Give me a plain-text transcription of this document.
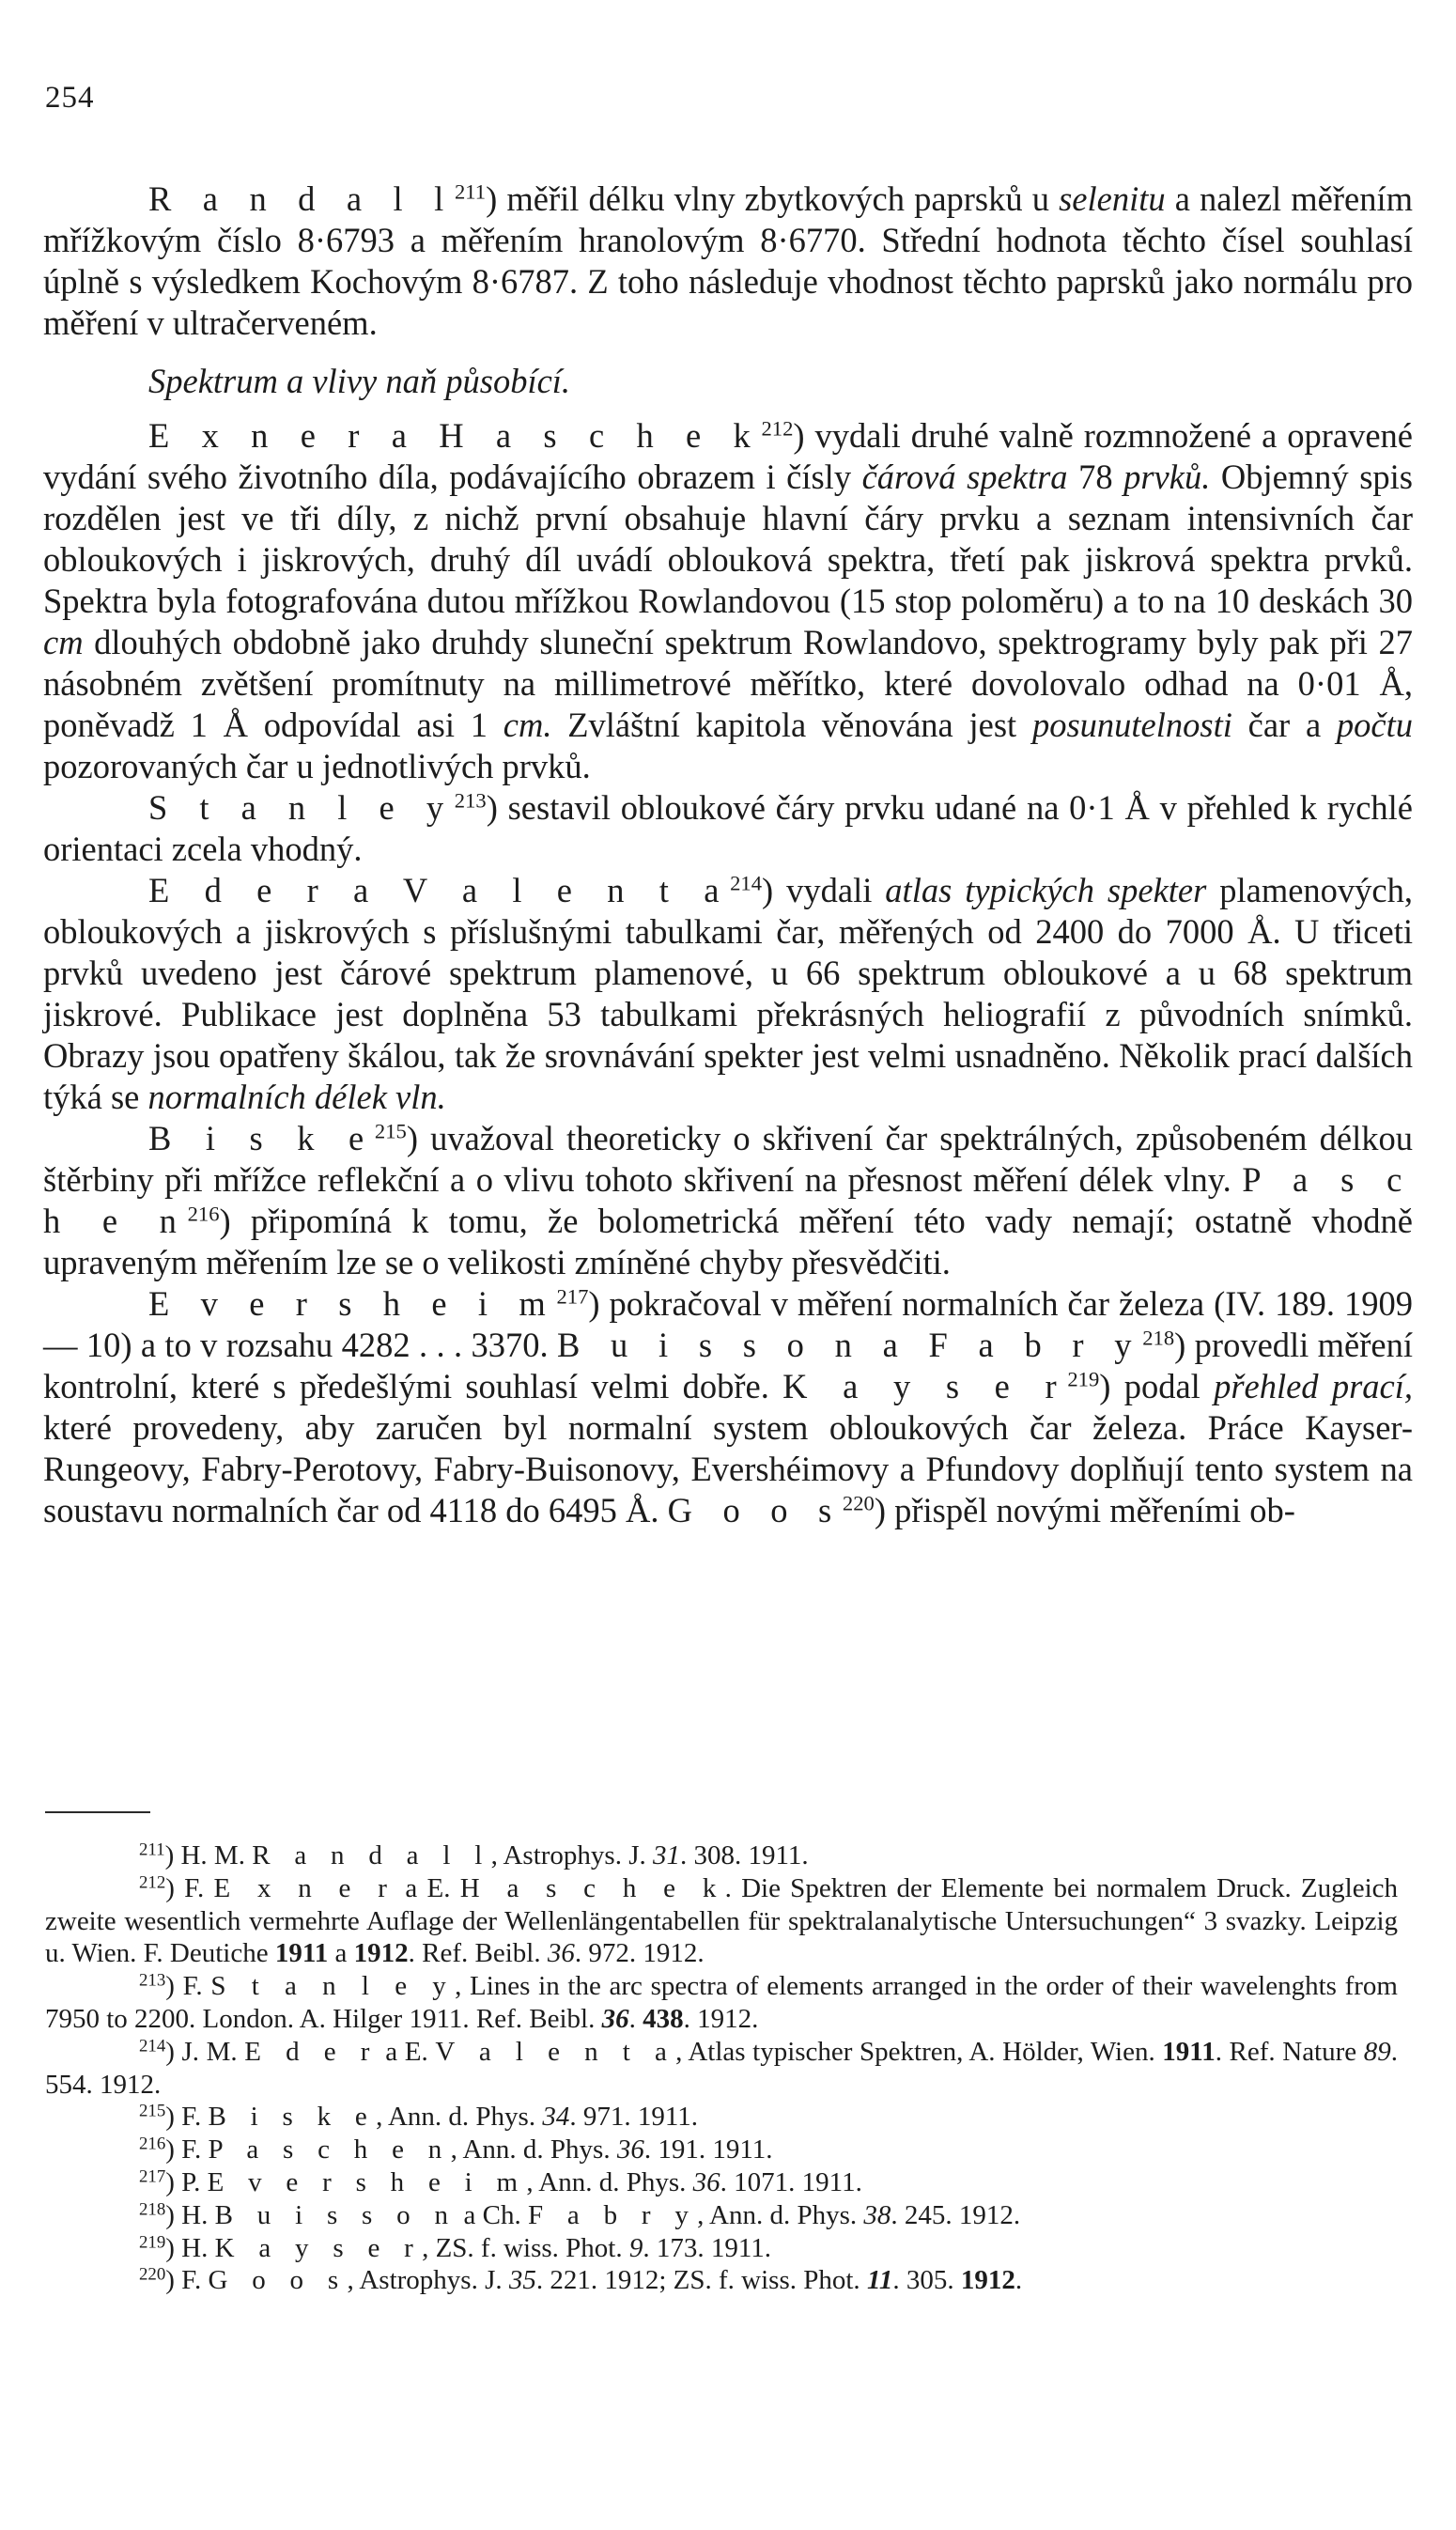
254

R a n d a l $l^{211}$) měřil délku vlny zbytkových paprsků u selenitu a nalezl měřením mřížkovým číslo 8·6793 a měřením hranolovým 8·6770. Střední hodnota těchto čísel souhlasí úplně s výsledkem Kochovým 8·6787. Z toho následuje vhodnost těchto paprsků jako normálu pro měření v ultračerveném.

Spektrum a vlivy naň působící.

E x n e r a H a s c h e $k^{212}$) vydali druhé valně rozmnožené a opravené vydání svého životního díla, podávajícího obrazem i čísly čárová spektra 78 prvků. Objemný spis rozdělen jest ve tři díly, z nichž první obsahuje hlavní čáry prvku a seznam intensivních čar obloukových i jiskrových, druhý díl uvádí oblouková spektra, třetí pak jiskrová spektra prvků. Spektra byla fotografována dutou mřížkou Rowlandovou (15 stop poloměru) a to na 10 deskách 30 cm dlouhých obdobně jako druhdy sluneční spektrum Rowlandovo, spektrogramy byly pak při 27 násobném zvětšení promítnuty na millimetrové měřítko, které dovolovalo odhad na 0·01 Å, poněvadž 1 Å odpovídal asi 1 cm. Zvláštní kapitola věnována jest posunutelnosti čar a počtu pozorovaných čar u jednotlivých prvků.

S t a n l e $y^{213}$) sestavil obloukové čáry prvku udané na 0·1 Å v přehled k rychlé orientaci zcela vhodný.

E d e r a V a l e n t $a^{214}$) vydali atlas typických spekter plamenových, obloukových a jiskrových s příslušnými tabulkami čar, měřených od 2400 do 7000 Å. U třiceti prvků uvedeno jest čárové spektrum plamenové, u 66 spektrum obloukové a u 68 spektrum jiskrové. Publikace jest doplněna 53 tabulkami překrásných heliografií z původních snímků. Obrazy jsou opatřeny škálou, tak že srovnávání spekter jest velmi usnadněno. Několik prací dalších týká se normalních délek vln.

B i s k $e^{215}$) uvažoval theoreticky o skřivení čar spektrálných, způsobeném délkou štěrbiny při mřížce reflekční a o vlivu tohoto skřivení na přesnost měření délek vlny. P a s c h e $n^{216}$) připomíná k tomu, že bolometrická měření této vady nemají; ostatně vhodně upraveným měřením lze se o velikosti zmíněné chyby přesvědčiti.

E v e r s h e i $m^{217}$) pokračoval v měření normalních čar železa (IV. 189. 1909 — 10) a to v rozsahu 4282 . . . 3370. B u i s s o n a F a b r $y^{218}$) provedli měření kontrolní, které s předešlými souhlasí velmi dobře. K a y s e $r^{219}$) podal přehled prací, které provedeny, aby zaručen byl normalní system obloukových čar železa. Práce Kayser-Rungeovy, Fabry-Perotovy, Fabry-Buisonovy, Evershéimovy a Pfundovy doplňují tento system na soustavu normalních čar od 4118 do 6495 Å. G o o $s^{220}$) přispěl novými měřeními ob-

$^{211}$) H. M. R a n d a l l, Astrophys. J. 31. 308. 1911.

$^{212}$) F. E x n e r a E. H a s c h e k. Die Spektren der Elemente bei normalem Druck. Zugleich zweite wesentlich vermehrte Auflage der Wellenlängentabellen für spektralanalytische Untersuchungen“ 3 svazky. Leipzig u. Wien. F. Deutiche 1911 a 1912. Ref. Beibl. 36. 972. 1912.

$^{213}$) F. S t a n l e y, Lines in the arc spectra of elements arranged in the order of their wavelenghts from 7950 to 2200. London. A. Hilger 1911. Ref. Beibl. 36. 438. 1912.

$^{214}$) J. M. E d e r a E. V a l e n t a, Atlas typischer Spektren, A. Hölder, Wien. 1911. Ref. Nature 89. 554. 1912.

$^{215}$) F. B i s k e, Ann. d. Phys. 34. 971. 1911.

$^{216}$) F. P a s c h e n, Ann. d. Phys. 36. 191. 1911.

$^{217}$) P. E v e r s h e i m, Ann. d. Phys. 36. 1071. 1911.

$^{218}$) H. B u i s s o n a Ch. F a b r y, Ann. d. Phys. 38. 245. 1912.

$^{219}$) H. K a y s e r, ZS. f. wiss. Phot. 9. 173. 1911.

$^{220}$) F. G o o s, Astrophys. J. 35. 221. 1912; ZS. f. wiss. Phot. 11. 305. 1912.
